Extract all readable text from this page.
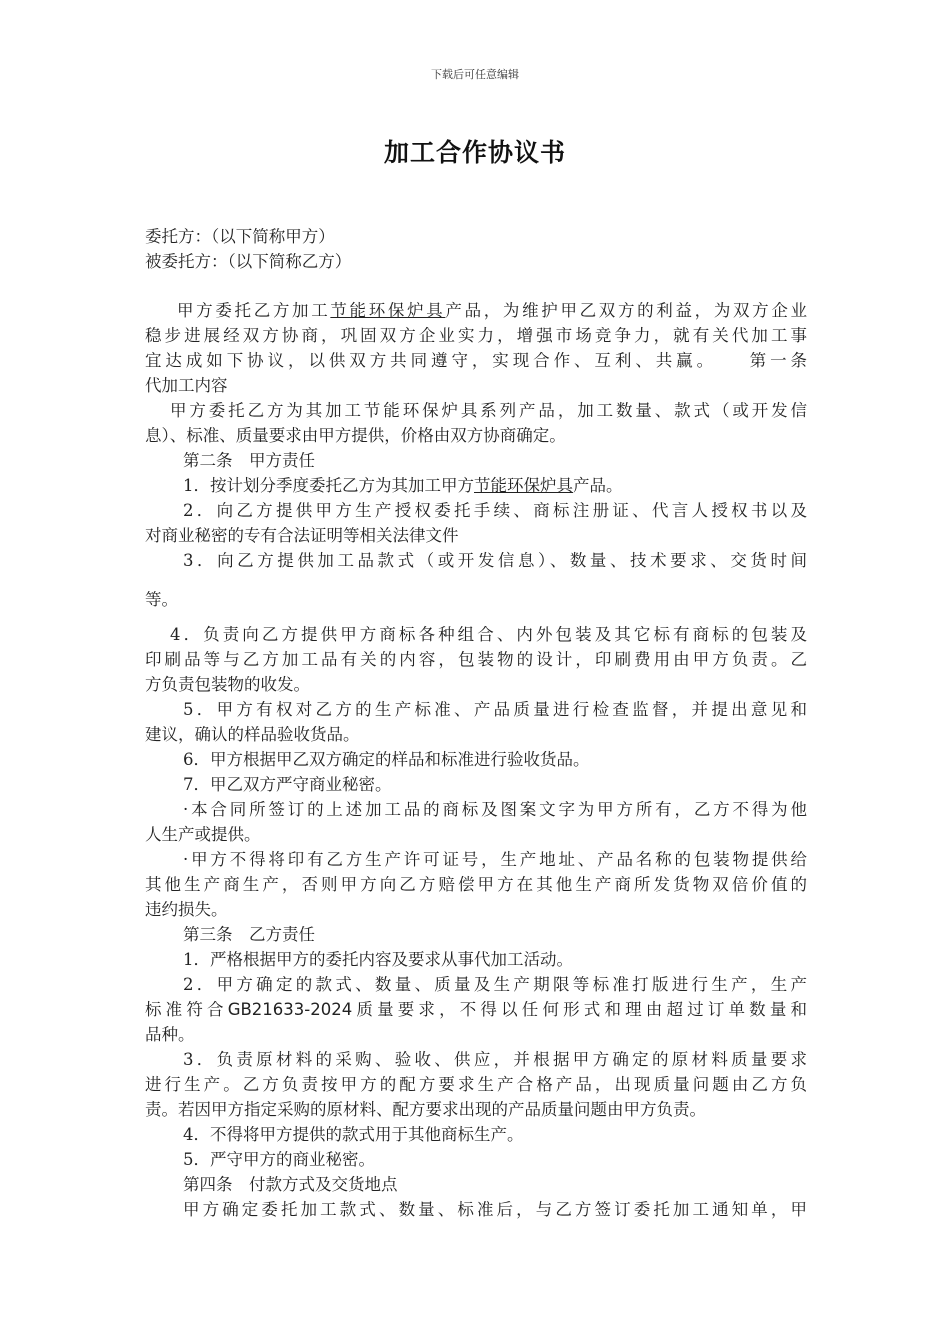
下载后可任意编辑
加工合作协议书
委托方：（以下简称甲方）
被委托方：（以下简称乙方）
甲方委托乙方加工节能环保炉具产品，为维护甲乙双方的利益，为双方企业
稳步进展经双方协商，巩固双方企业实力，增强市场竞争力，就有关代加工事
宜达成如下协议，以供双方共同遵守，实现合作、互利、共赢。　　第一条
代加工内容
甲方委托乙方为其加工节能环保炉具系列产品，加工数量、款式（或开发信
息）、标准、质量要求由甲方提供，价格由双方协商确定。
第二条　甲方责任
1．按计划分季度委托乙方为其加工甲方节能环保炉具产品。
2．向乙方提供甲方生产授权委托手续、商标注册证、代言人授权书以及
对商业秘密的专有合法证明等相关法律文件
3．向乙方提供加工品款式（或开发信息）、数量、技术要求、交货时间
等。
4．负责向乙方提供甲方商标各种组合、内外包装及其它标有商标的包装及
印刷品等与乙方加工品有关的内容，包装物的设计，印刷费用由甲方负责。乙
方负责包装物的收发。
5．甲方有权对乙方的生产标准、产品质量进行检查监督，并提出意见和
建议，确认的样品验收货品。
6．甲方根据甲乙双方确定的样品和标准进行验收货品。
7．甲乙双方严守商业秘密。
·本合同所签订的上述加工品的商标及图案文字为甲方所有，乙方不得为他
人生产或提供。
·甲方不得将印有乙方生产许可证号，生产地址、产品名称的包装物提供给
其他生产商生产，否则甲方向乙方赔偿甲方在其他生产商所发货物双倍价值的
违约损失。
第三条　乙方责任
1．严格根据甲方的委托内容及要求从事代加工活动。
2．甲方确定的款式、数量、质量及生产期限等标准打版进行生产，生产
标准符合GB21633-2024质量要求，不得以任何形式和理由超过订单数量和
品种。
3．负责原材料的采购、验收、供应，并根据甲方确定的原材料质量要求
进行生产。乙方负责按甲方的配方要求生产合格产品，出现质量问题由乙方负
责。若因甲方指定采购的原材料、配方要求出现的产品质量问题由甲方负责。
4．不得将甲方提供的款式用于其他商标生产。
5．严守甲方的商业秘密。
第四条　付款方式及交货地点
甲方确定委托加工款式、数量、标准后，与乙方签订委托加工通知单，甲
